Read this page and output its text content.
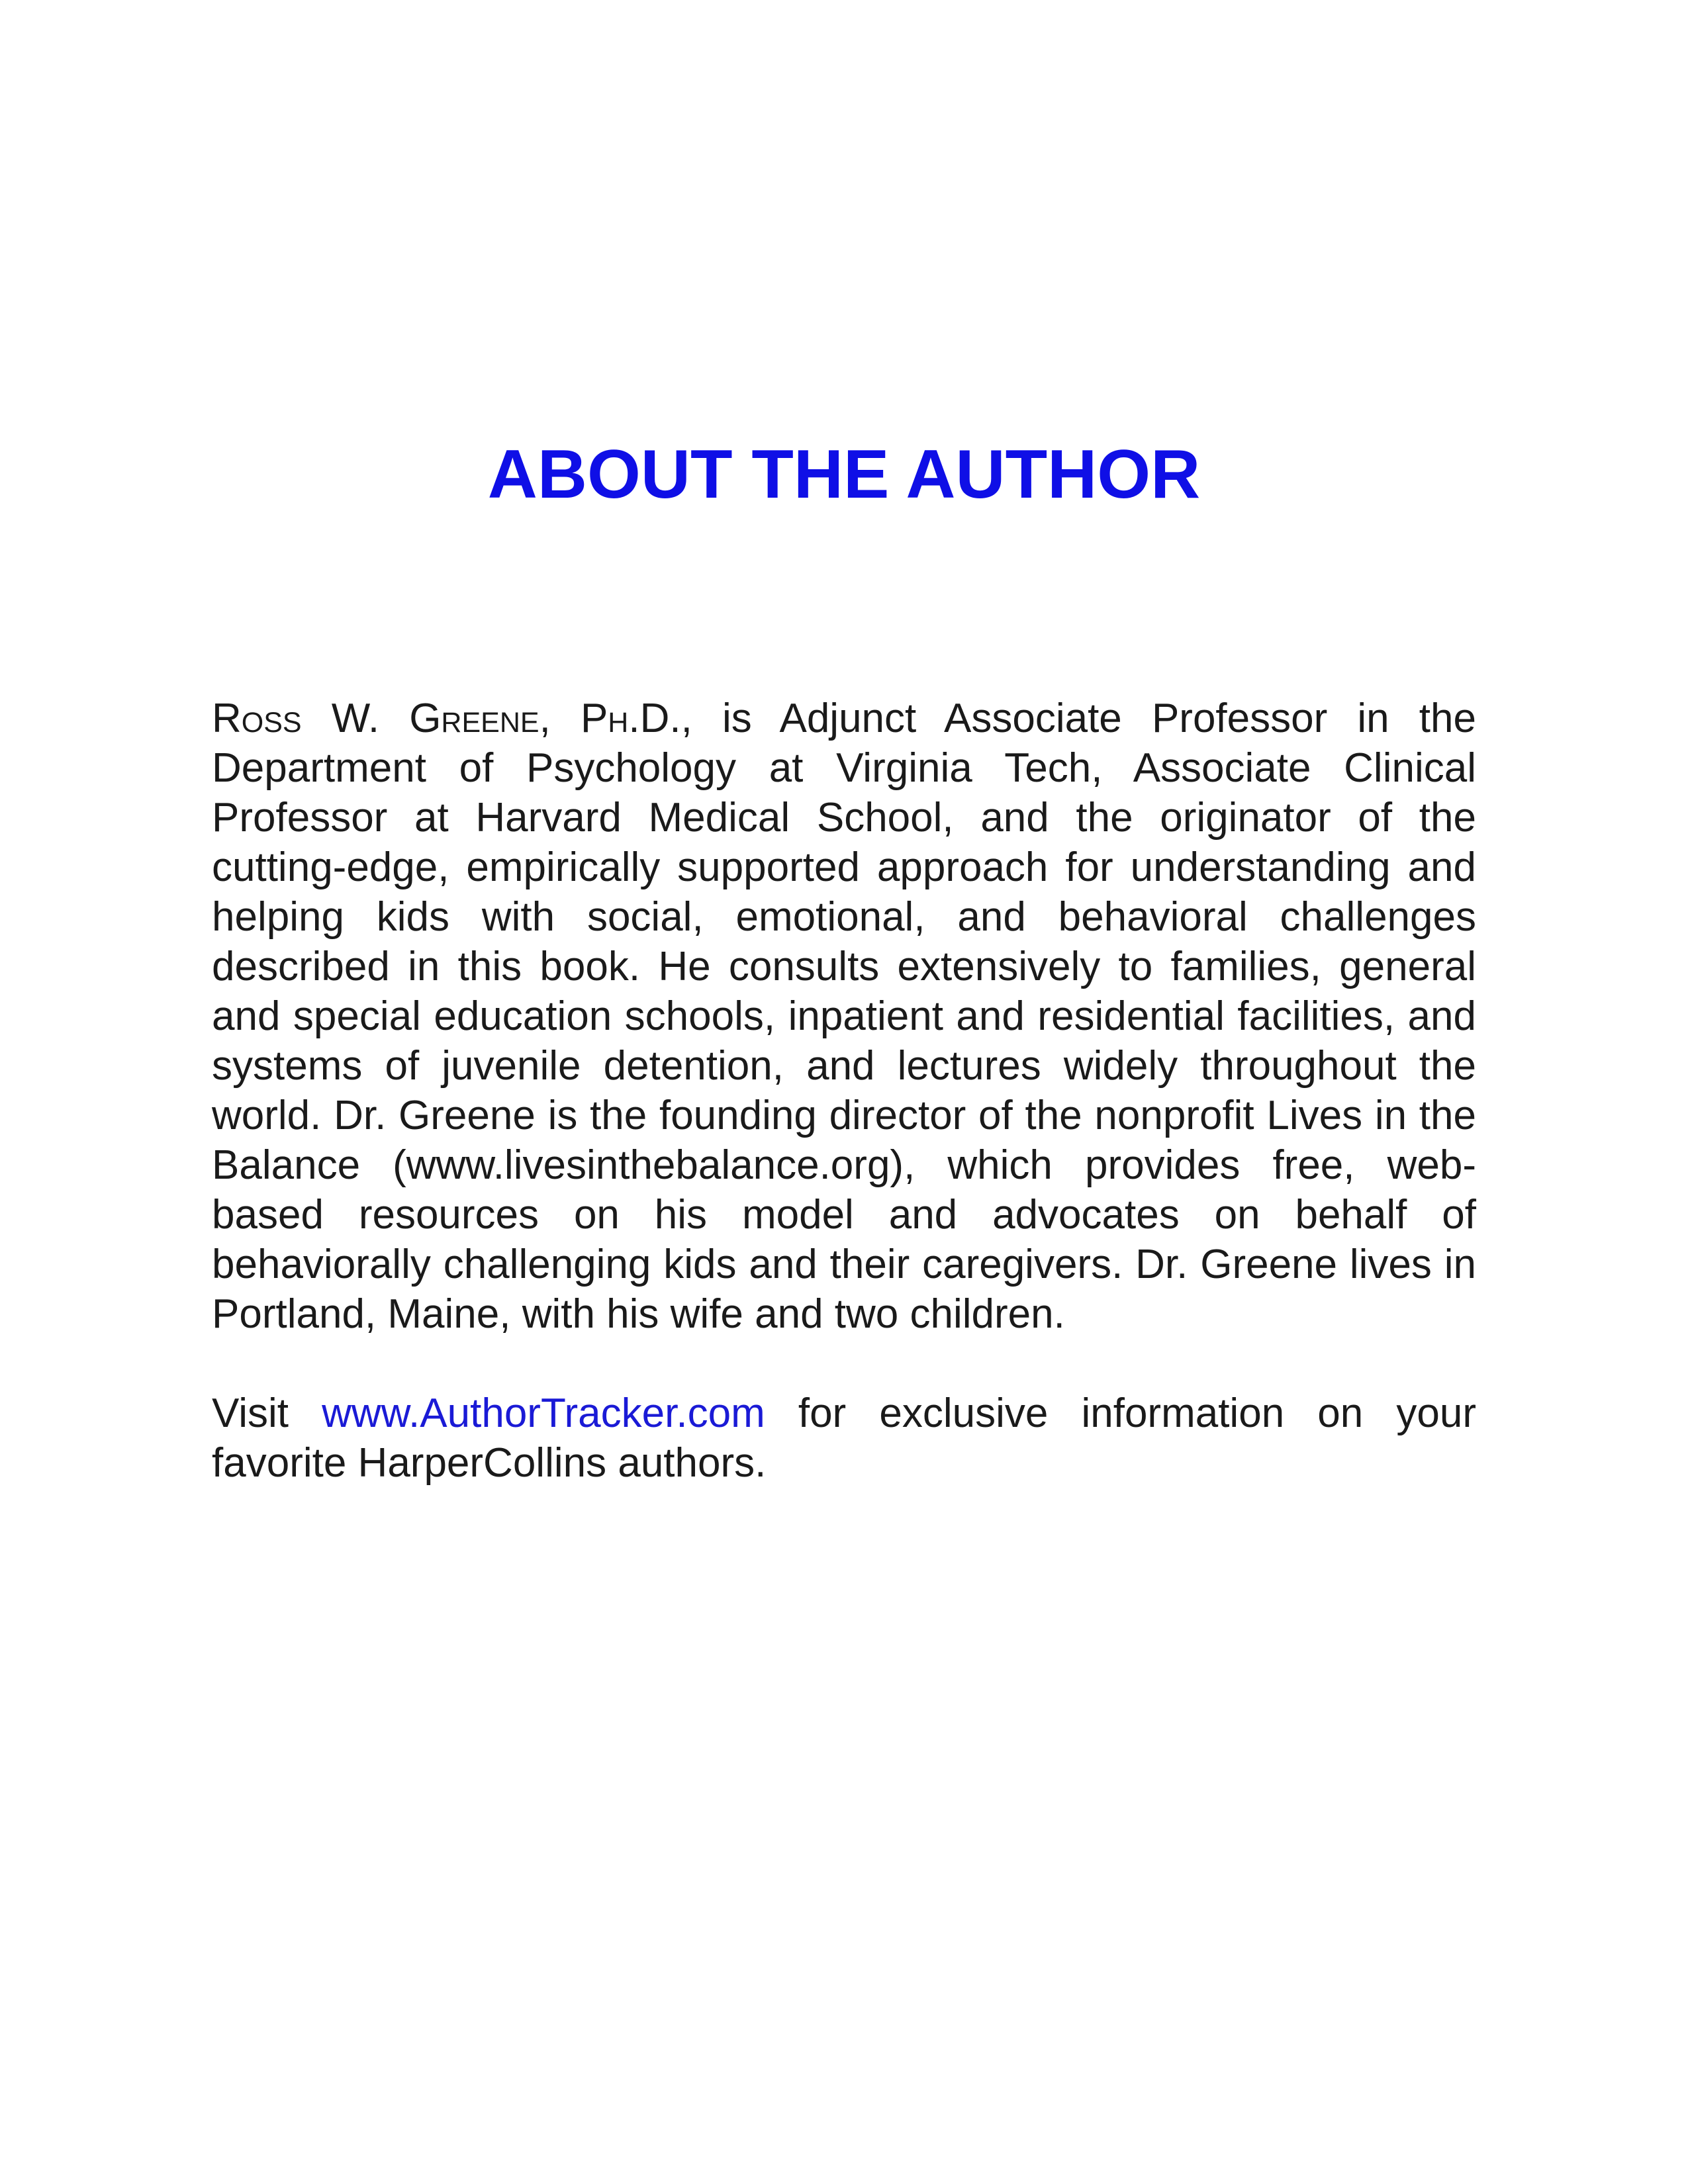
ABOUT THE AUTHOR

Ross W. Greene, Ph.D., is Adjunct Associate Professor in the Department of Psychology at Virginia Tech, Associate Clinical Professor at Harvard Medical School, and the originator of the cutting-edge, empirically supported approach for understanding and helping kids with social, emotional, and behavioral challenges described in this book. He consults extensively to families, general and special education schools, inpatient and residential facilities, and systems of juvenile detention, and lectures widely throughout the world. Dr. Greene is the founding director of the nonprofit Lives in the Balance (www.livesinthebalance.org), which provides free, web-based resources on his model and advocates on behalf of behaviorally challenging kids and their caregivers. Dr. Greene lives in Portland, Maine, with his wife and two children.

Visit www.AuthorTracker.com for exclusive information on your favorite HarperCollins authors.
